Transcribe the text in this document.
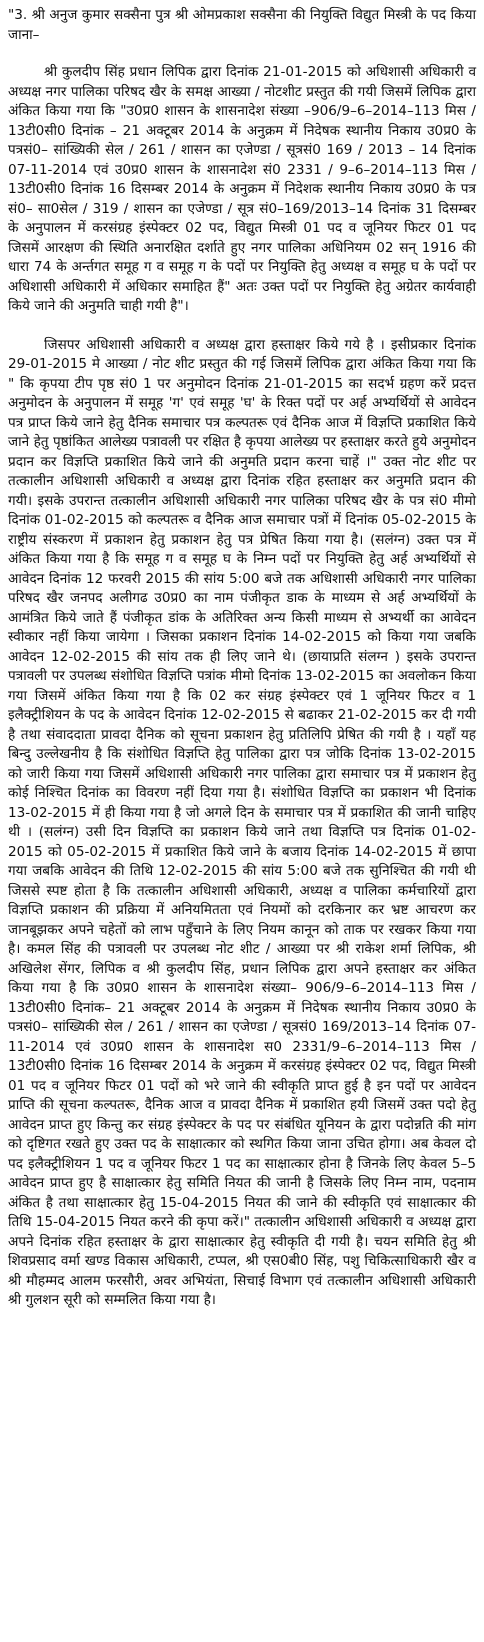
"3. श्री अनुज कुमार सक्सैना पुत्र श्री ओमप्रकाश सक्सैना की नियुक्ति विद्युत मिस्त्री के पद किया जाना–

श्री कुलदीप सिंह प्रधान लिपिक द्वारा दिनांक 21-01-2015 को अधिशासी अधिकारी व अध्यक्ष नगर पालिका परिषद खैर के समक्ष आख्या / नोटशीट प्रस्तुत की गयी जिसमें लिपिक द्वारा अंकित किया गया कि "उ0प्र0 शासन के शासनादेश संख्या –906/9–6–2014–113 मिस / 13टी0सी0 दिनांक – 21 अक्टूबर 2014 के अनुक्रम में निदेषक स्थानीय निकाय उ0प्र0 के पत्रसं0– सांख्यिकी सेल / 261 / शासन का एजेण्डा / सूत्रसं0 169 / 2013 – 14 दिनांक 07-11-2014 एवं उ0प्र0 शासन के शासनादेश सं0 2331 / 9–6–2014–113 मिस / 13टी0सी0 दिनांक 16 दिसम्बर 2014 के अनुक्रम में निदेशक स्थानीय निकाय उ0प्र0 के पत्र सं0– सा0सेल / 319 / शासन का एजेण्डा / सूत्र सं0–169/2013–14 दिनांक 31 दिसम्बर के अनुपालन में करसंग्रह इंस्पेक्टर 02 पद, विद्युत मिस्त्री 01 पद व जूनियर फिटर 01 पद जिसमें आरक्षण की स्थिति अनारक्षित दर्शाते हुए नगर पालिका अधिनियम 02 सन् 1916 की धारा 74 के अर्न्तगत समूह ग व समूह ग के पदों पर नियुक्ति हेतु अध्यक्ष व समूह घ के पदों पर अधिशासी अधिकारी में अधिकार समाहित हैं" अतः उक्त पदों पर नियुक्ति हेतु अग्रेतर कार्यवाही किये जाने की अनुमति चाही गयी है"।

जिसपर अधिशासी अधिकारी व अध्यक्ष द्वारा हस्ताक्षर किये गये है । इसीप्रकार दिनांक 29-01-2015 मे आख्या / नोट शीट प्रस्तुत की गई जिसमें लिपिक द्वारा अंकित किया गया कि " कि कृपया टीप पृष्ठ सं0 1 पर अनुमोदन दिनांक 21-01-2015 का सदर्भ ग्रहण करें प्रदत्त अनुमोदन के अनुपालन में समूह 'ग' एवं समूह 'घ' के रिक्त पदों पर अर्ह अभ्यर्थियों से आवेदन पत्र प्राप्त किये जाने हेतु दैनिक समाचार पत्र कल्पतरू एवं दैनिक आज में विज्ञप्ति प्रकाशित किये जाने हेतु पृष्ठांकित आलेख्य पत्रावली पर रक्षित है कृपया आलेख्य पर हस्ताक्षर करते हुये अनुमोदन प्रदान कर विज्ञप्ति प्रकाशित किये जाने की अनुमति प्रदान करना चाहें ।" उक्त नोट शीट पर तत्कालीन अधिशासी अधिकारी व अध्यक्ष द्वारा दिनांक रहित हस्ताक्षर कर अनुमति प्रदान की गयी। इसके उपरान्त तत्कालीन अधिशासी अधिकारी नगर पालिका परिषद खैर के पत्र सं0 मीमो दिनांक 01-02-2015 को कल्पतरू व दैनिक आज समाचार पत्रों में दिनांक 05-02-2015 के राष्ट्रीय संस्करण में प्रकाशन हेतु प्रकाशन हेतु पत्र प्रेषित किया गया है। (सलंग्न) उक्त पत्र में अंकित किया गया है कि समूह ग व समूह घ के निम्न पदों पर नियुक्ति हेतु अर्ह अभ्यर्थियों से आवेदन दिनांक 12 फरवरी 2015 की सांय 5:00 बजे तक अधिशासी अधिकारी नगर पालिका परिषद खैर जनपद अलीगढ उ0प्र0 का नाम पंजीकृत डाक के माध्यम से अर्ह अभ्यर्थियों के आमंत्रित किये जाते हैं पंजीकृत डांक के अतिरिक्त अन्य किसी माध्यम से अभ्यर्थी का आवेदन स्वीकार नहीं किया जायेगा । जिसका प्रकाशन दिनांक 14-02-2015 को किया गया जबकि आवेदन 12-02-2015 की सांय तक ही लिए जाने थे। (छायाप्रति संलग्न ) इसके उपरान्त पत्रावली पर उपलब्ध संशोधित विज्ञप्ति पत्रांक मीमो दिनांक 13-02-2015 का अवलोकन किया गया जिसमें अंकित किया गया है कि 02 कर संग्रह इंस्पेक्टर एवं 1 जूनियर फिटर व 1 इलैक्ट्रीशियन के पद के आवेदन दिनांक 12-02-2015 से बढाकर 21-02-2015 कर दी गयी है तथा संवाददाता प्रावदा दैनिक को सूचना प्रकाशन हेतु प्रतिलिपि प्रेषित की गयी है । यहाँ यह बिन्दु उल्लेखनीय है कि संशोधित विज्ञप्ति हेतु पालिका द्वारा पत्र जोकि दिनांक 13-02-2015 को जारी किया गया जिसमें अधिशासी अधिकारी नगर पालिका द्वारा समाचार पत्र में प्रकाशन हेतु कोई निश्चित दिनांक का विवरण नहीं दिया गया है। संशोधित विज्ञप्ति का प्रकाशन भी दिनांक 13-02-2015 में ही किया गया है जो अगले दिन के समाचार पत्र में प्रकाशित की जानी चाहिए थी । (सलंग्न) उसी दिन विज्ञप्ति का प्रकाशन किये जाने तथा विज्ञप्ति पत्र दिनांक 01-02-2015 को 05-02-2015 में प्रकाशित किये जाने के बजाय दिनांक 14-02-2015 में छापा गया जबकि आवेदन की तिथि 12-02-2015 की सांय 5:00 बजे तक सुनिश्चित की गयी थी जिससे स्पष्ट होता है कि तत्कालीन अधिशासी अधिकारी, अध्यक्ष व पालिका कर्मचारियों द्वारा विज्ञप्ति प्रकाशन की प्रक्रिया में अनियमितता एवं नियमों को दरकिनार कर भ्रष्ट आचरण कर जानबूझकर अपने चहेतों को लाभ पहुँचाने के लिए नियम कानून को ताक पर रखकर किया गया है। कमल सिंह की पत्रावली पर उपलब्ध नोट शीट / आख्या पर श्री राकेश शर्मा लिपिक, श्री अखिलेश सेंगर, लिपिक व श्री कुलदीप सिंह, प्रधान लिपिक द्वारा अपने हस्ताक्षर कर अंकित किया गया है कि उ0प्र0 शासन के शासनादेश संख्या– 906/9–6–2014–113 मिस / 13टी0सी0 दिनांक– 21 अक्टूबर 2014 के अनुक्रम में निदेषक स्थानीय निकाय उ0प्र0 के पत्रसं0– सांख्यिकी सेल / 261 / शासन का एजेण्डा / सूत्रसं0 169/2013–14 दिनांक 07-11-2014 एवं उ0प्र0 शासन के शासनादेश स0 2331/9–6–2014–113 मिस / 13टी0सी0 दिनांक 16 दिसम्बर 2014 के अनुक्रम में करसंग्रह इंस्पेक्टर 02 पद, विद्युत मिस्त्री 01 पद व जूनियर फिटर 01 पदों को भरे जाने की स्वीकृति प्राप्त हुई है इन पदों पर आवेदन प्राप्ति की सूचना कल्पतरू, दैनिक आज व प्रावदा दैनिक में प्रकाशित हयी जिसमें उक्त पदो हेतु आवेदन प्राप्त हुए किन्तु कर संग्रह इंस्पेक्टर के पद पर संबंधित यूनियन के द्वारा पदोन्नति की मांग को दृष्टिगत रखते हुए उक्त पद के साक्षात्कार को स्थगित किया जाना उचित होगा। अब केवल दो पद इलैक्ट्रीशियन 1 पद व जूनियर फिटर 1 पद का साक्षात्कार होना है जिनके लिए केवल 5–5 आवेदन प्राप्त हुए है साक्षात्कार हेतु समिति नियत की जानी है जिसके लिए निम्न नाम, पदनाम अंकित है तथा साक्षात्कार हेतु 15-04-2015 नियत की जाने की स्वीकृति एवं साक्षात्कार की तिथि 15-04-2015 नियत करने की कृपा करें।" तत्कालीन अधिशासी अधिकारी व अध्यक्ष द्वारा अपने दिनांक रहित हस्ताक्षर के द्वारा साक्षात्कार हेतु स्वीकृति दी गयी है। चयन समिति हेतु श्री शिवप्रसाद वर्मा खण्ड विकास अधिकारी, टप्पल, श्री एस0बी0 सिंह, पशु चिकित्साधिकारी खैर व श्री मौहम्मद आलम फरसौरी, अवर अभियंता, सिचाई विभाग एवं तत्कालीन अधिशासी अधिकारी श्री गुलशन सूरी को सम्मलित किया गया है।
